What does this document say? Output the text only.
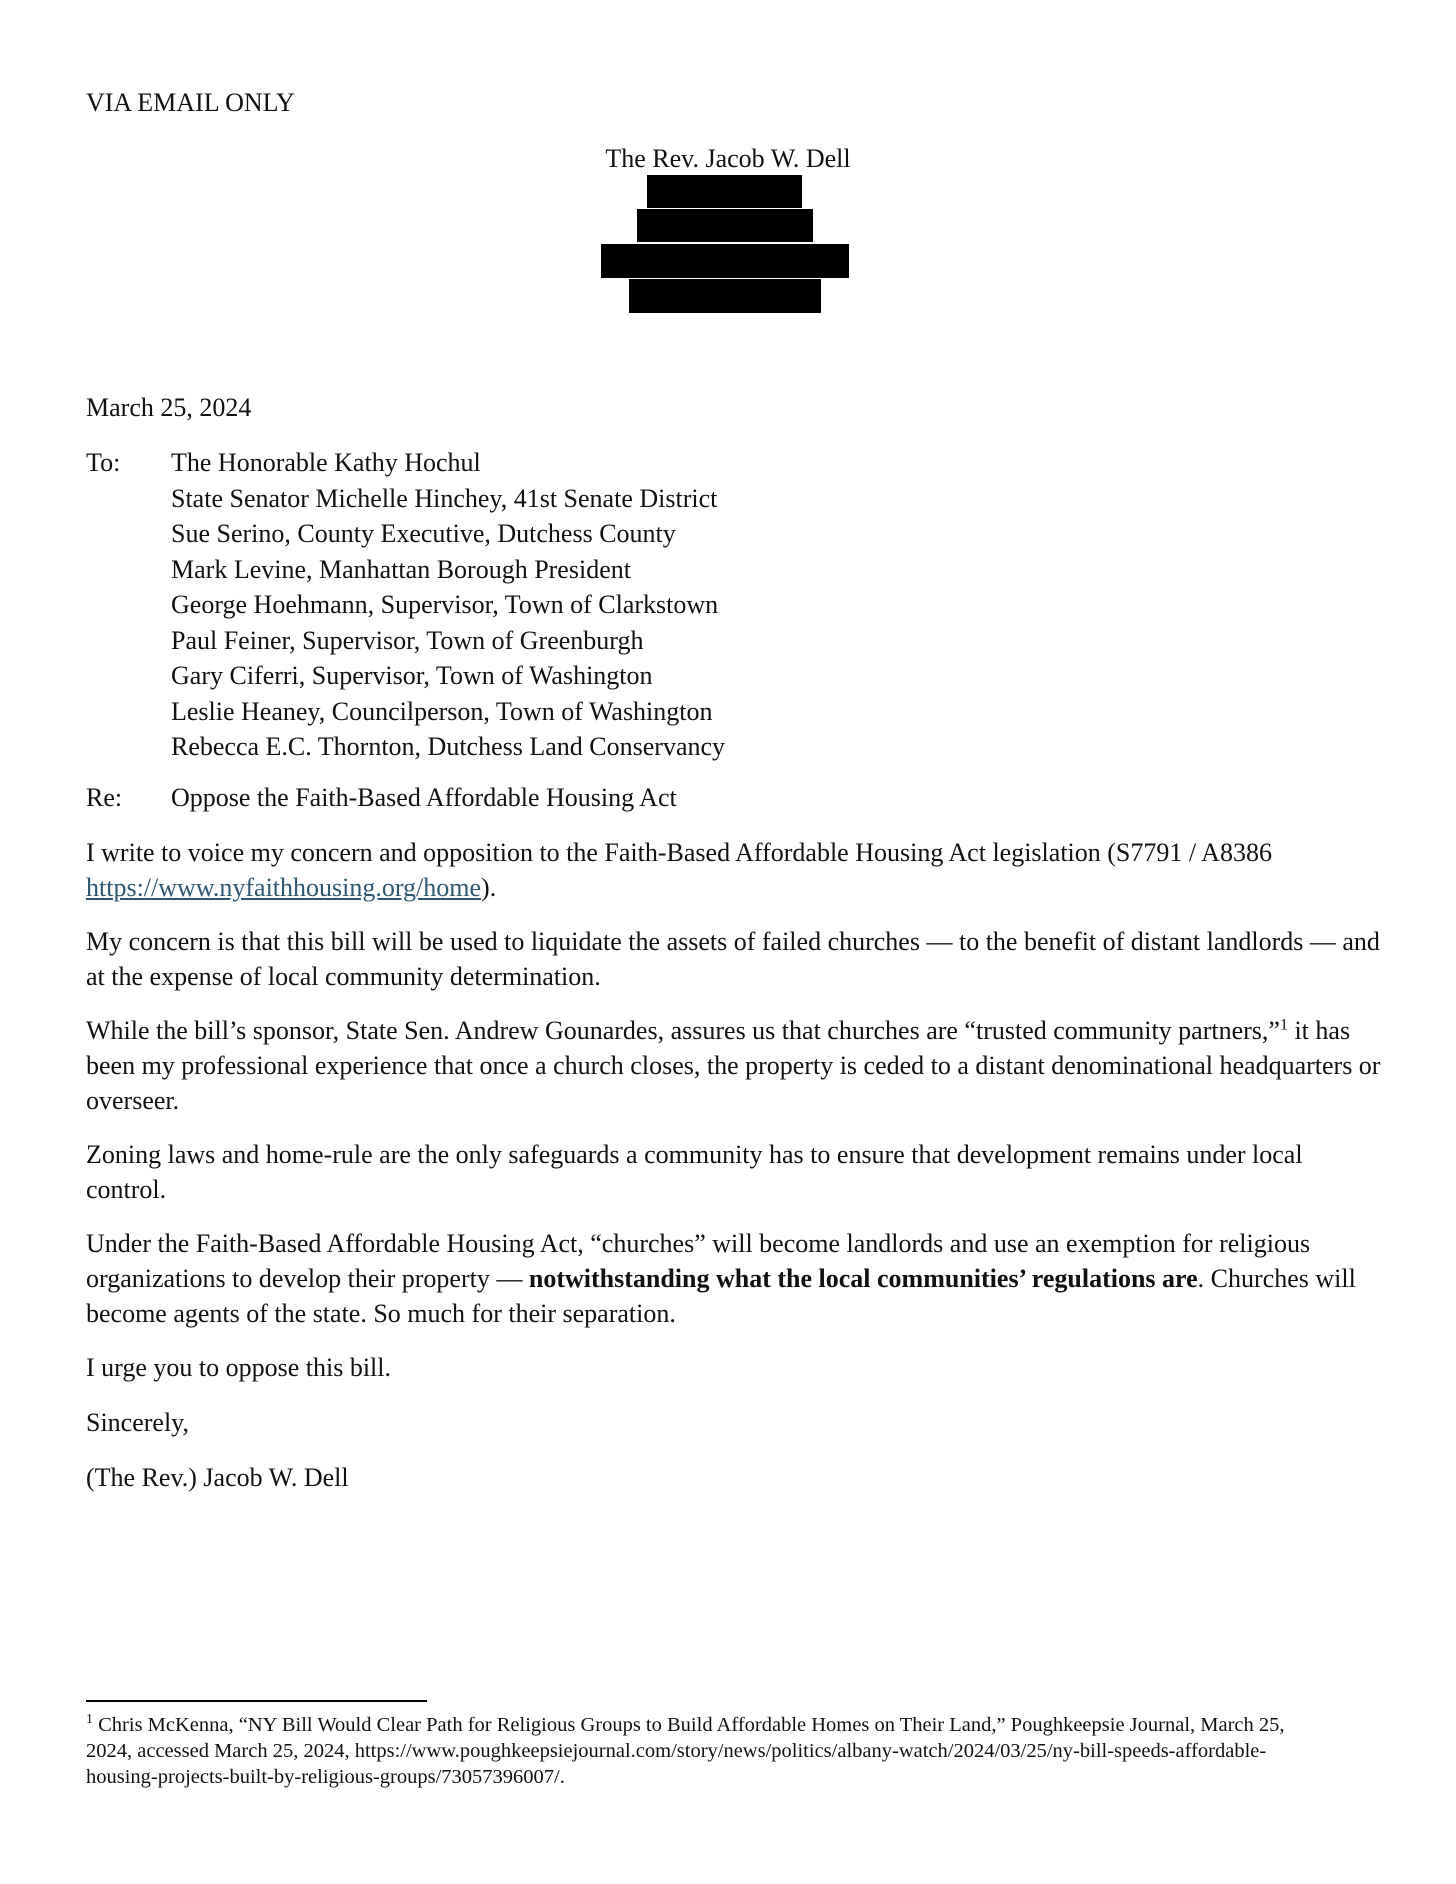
VIA EMAIL ONLY
The Rev. Jacob W. Dell
March 25, 2024
To: The Honorable Kathy Hochul
State Senator Michelle Hinchey, 41st Senate District
Sue Serino, County Executive, Dutchess County
Mark Levine, Manhattan Borough President
George Hoehmann, Supervisor, Town of Clarkstown
Paul Feiner, Supervisor, Town of Greenburgh
Gary Ciferri, Supervisor, Town of Washington
Leslie Heaney, Councilperson, Town of Washington
Rebecca E.C. Thornton, Dutchess Land Conservancy
Re: Oppose the Faith-Based Affordable Housing Act

I write to voice my concern and opposition to the Faith-Based Affordable Housing Act legislation (S7791 / A8386 https://www.nyfaithhousing.org/home).

My concern is that this bill will be used to liquidate the assets of failed churches — to the benefit of distant landlords — and at the expense of local community determination.

While the bill’s sponsor, State Sen. Andrew Gounardes, assures us that churches are “trusted community partners,”$^1$ it has been my professional experience that once a church closes, the property is ceded to a distant denominational headquarters or overseer.

Zoning laws and home-rule are the only safeguards a community has to ensure that development remains under local control.

Under the Faith-Based Affordable Housing Act, “churches” will become landlords and use an exemption for religious organizations to develop their property — notwithstanding what the local communities’ regulations are. Churches will become agents of the state. So much for their separation.

I urge you to oppose this bill.

Sincerely,

(The Rev.) Jacob W. Dell

$^1$ Chris McKenna, “NY Bill Would Clear Path for Religious Groups to Build Affordable Homes on Their Land,” Poughkeepsie Journal, March 25, 2024, accessed March 25, 2024, https://www.poughkeepsiejournal.com/story/news/politics/albany-watch/2024/03/25/ny-bill-speeds-affordable-housing-projects-built-by-religious-groups/73057396007/.
